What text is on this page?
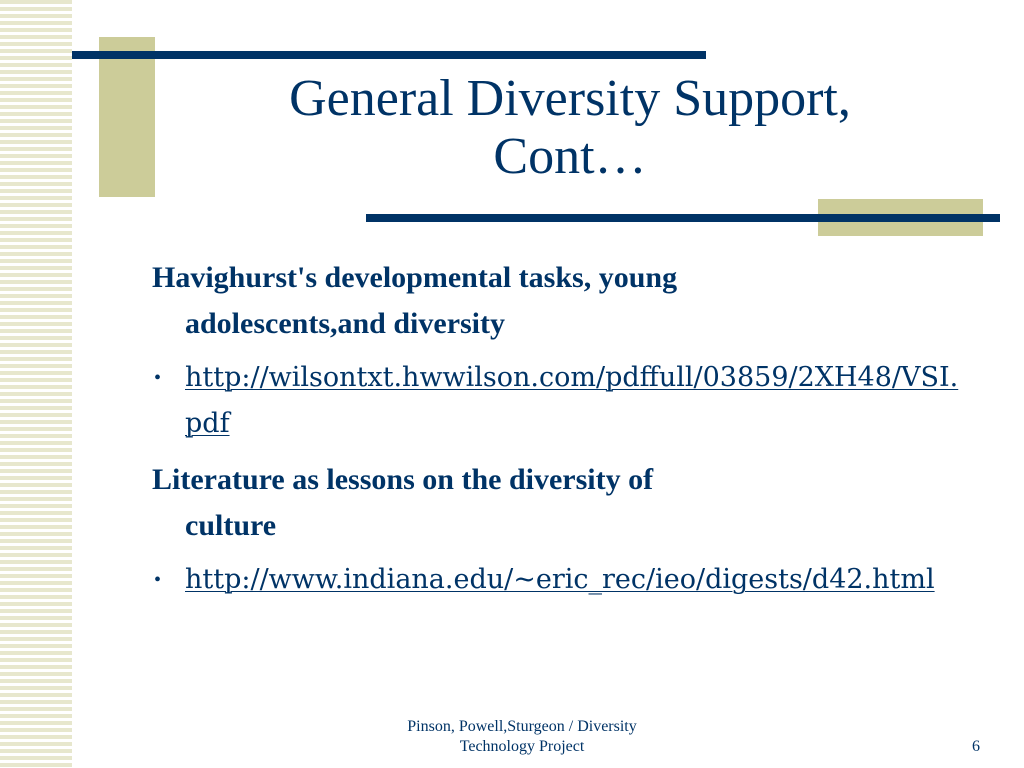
General Diversity Support,
Cont…

Havighurst's developmental tasks, young
adolescents,and diversity

• http://wilsontxt.hwwilson.com/pdffull/03859/2XH48/VSI.pdf

Literature as lessons on the diversity of
culture

• http://www.indiana.edu/~eric_rec/ieo/digests/d42.html
Pinson, Powell,Sturgeon / Diversity
Technology Project	6
